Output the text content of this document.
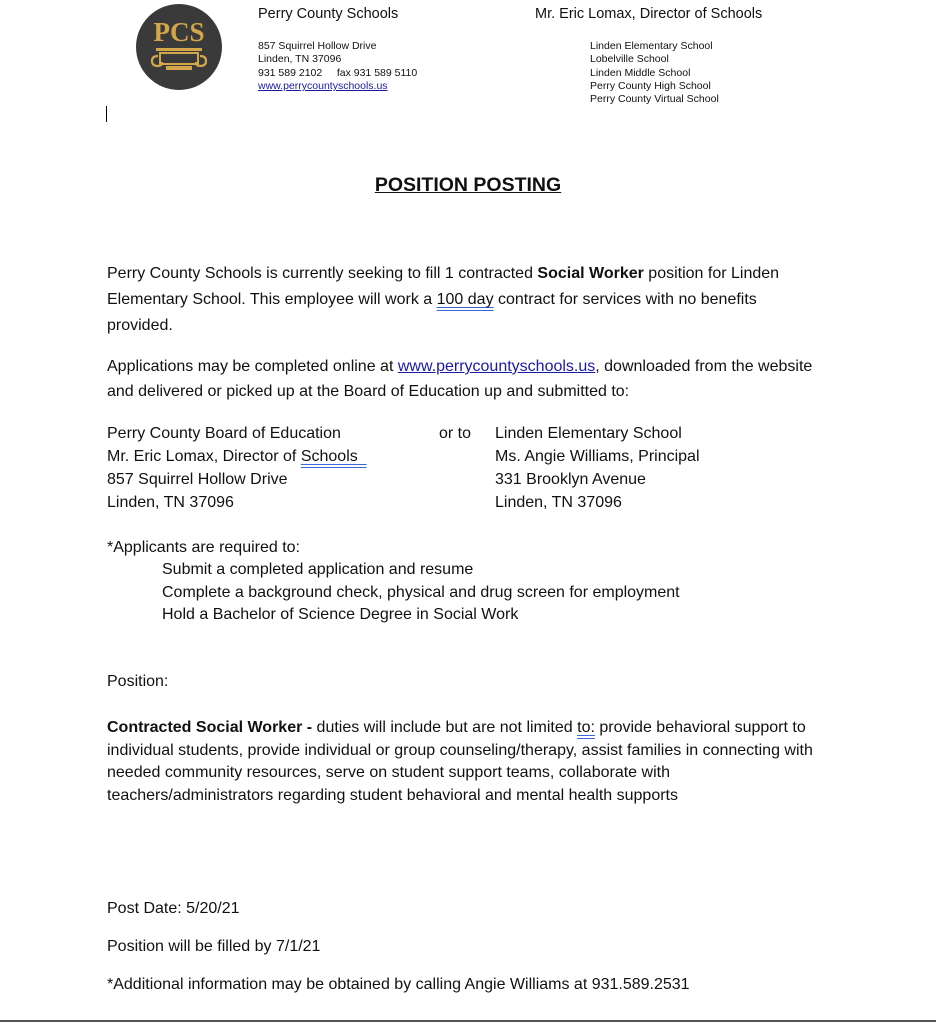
PCS
Perry County Schools	Mr. Eric Lomax, Director of Schools
857 Squirrel Hollow Drive
Linden, TN 37096
931 589 2102 fax 931 589 5110
www.perrycountyschools.us
Linden Elementary School
Lobelville School
Linden Middle School
Perry County High School
Perry County Virtual School
POSITION POSTING
Perry County Schools is currently seeking to fill 1 contracted Social Worker position for Linden Elementary School. This employee will work a 100 day contract for services with no benefits provided.
Applications may be completed online at www.perrycountyschools.us, downloaded from the website and delivered or picked up at the Board of Education up and submitted to:
Perry County Board of Education
Mr. Eric Lomax, Director of Schools
857 Squirrel Hollow Drive
Linden, TN 37096
or to Linden Elementary School
Ms. Angie Williams, Principal
331 Brooklyn Avenue
Linden, TN 37096
*Applicants are required to:
Submit a completed application and resume
Complete a background check, physical and drug screen for employment
Hold a Bachelor of Science Degree in Social Work
Position:
Contracted Social Worker - duties will include but are not limited to: provide behavioral support to individual students, provide individual or group counseling/therapy, assist families in connecting with needed community resources, serve on student support teams, collaborate with teachers/administrators regarding student behavioral and mental health supports
Post Date: 5/20/21
Position will be filled by 7/1/21
*Additional information may be obtained by calling Angie Williams at 931.589.2531
